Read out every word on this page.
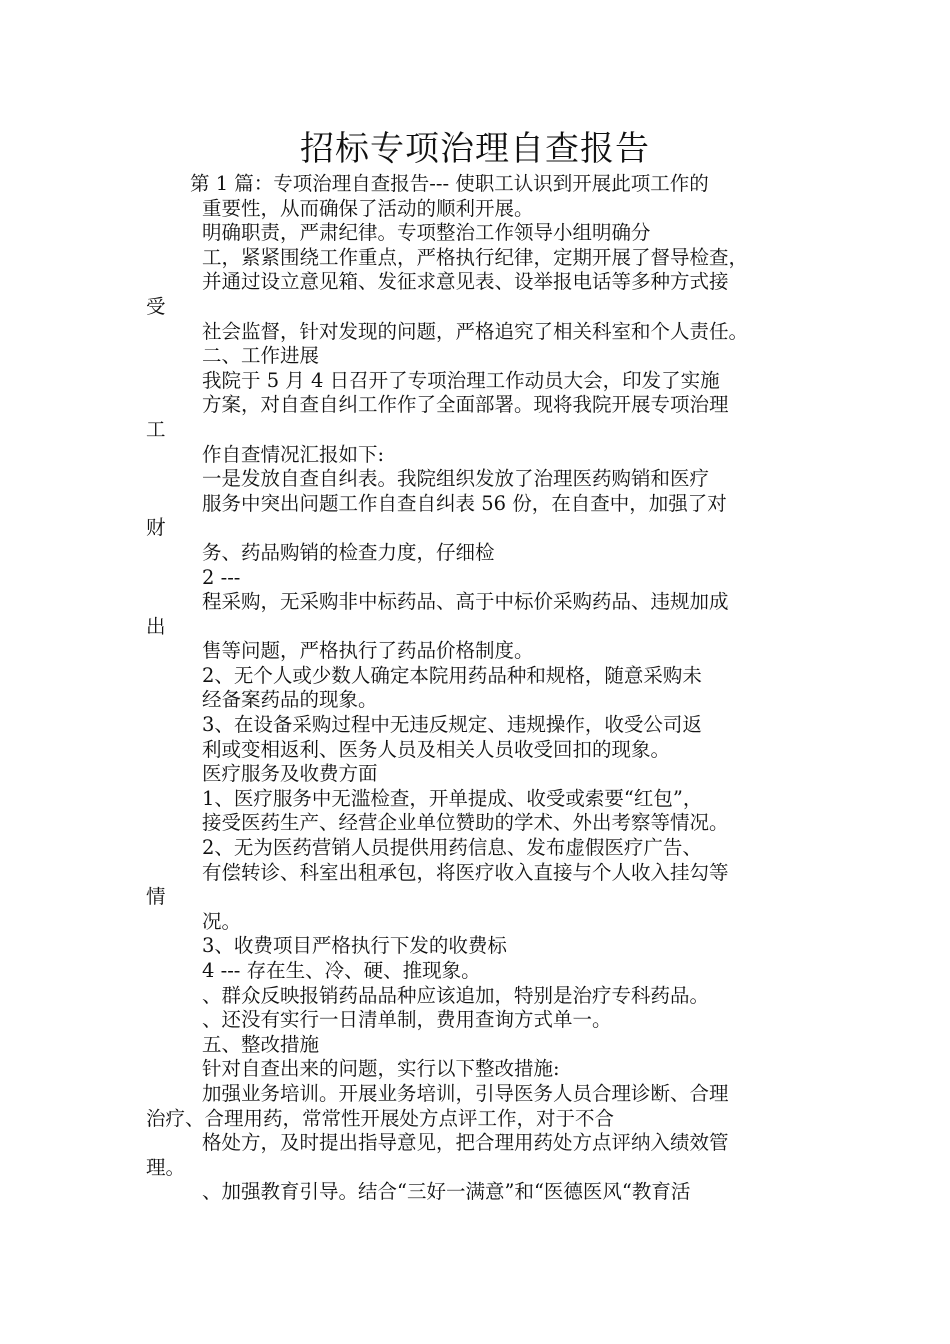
招标专项治理自查报告

第 1 篇：专项治理自查报告--- 使职工认识到开展此项工作的

重要性，从而确保了活动的顺利开展。

明确职责，严肃纪律。专项整治工作领导小组明确分

工，紧紧围绕工作重点，严格执行纪律，定期开展了督导检查，

并通过设立意见箱、发征求意见表、设举报电话等多种方式接

受

社会监督，针对发现的问题，严格追究了相关科室和个人责任。

二、工作进展

我院于 5 月 4 日召开了专项治理工作动员大会，印发了实施

方案，对自查自纠工作作了全面部署。现将我院开展专项治理

工

作自查情况汇报如下:

一是发放自查自纠表。我院组织发放了治理医药购销和医疗

服务中突出问题工作自查自纠表 56 份，在自查中，加强了对

财

务、药品购销的检查力度，仔细检

2 ---

程采购，无采购非中标药品、高于中标价采购药品、违规加成

出

售等问题，严格执行了药品价格制度。

2、无个人或少数人确定本院用药品种和规格，随意采购未

经备案药品的现象。

3、在设备采购过程中无违反规定、违规操作，收受公司返

利或变相返利、医务人员及相关人员收受回扣的现象。

医疗服务及收费方面

1、医疗服务中无滥检查，开单提成、收受或索要“红包”，

接受医药生产、经营企业单位赞助的学术、外出考察等情况。

2、无为医药营销人员提供用药信息、发布虚假医疗广告、

有偿转诊、科室出租承包，将医疗收入直接与个人收入挂勾等

情

况。

3、收费项目严格执行下发的收费标

4 --- 存在生、冷、硬、推现象。

、群众反映报销药品品种应该追加，特别是治疗专科药品。

、还没有实行一日清单制，费用查询方式单一。

五、整改措施

针对自查出来的问题，实行以下整改措施:

加强业务培训。开展业务培训，引导医务人员合理诊断、合理

治疗、合理用药，常常性开展处方点评工作，对于不合

格处方，及时提出指导意见，把合理用药处方点评纳入绩效管

理。

、加强教育引导。结合“三好一满意”和“医德医风“教育活
